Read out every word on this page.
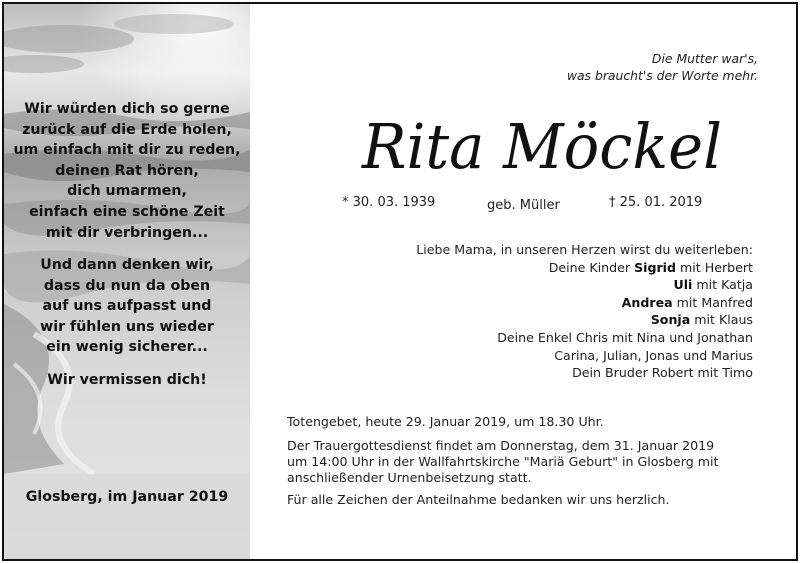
Wir würden dich so gerne
zurück auf die Erde holen,
um einfach mit dir zu reden,
deinen Rat hören,
dich umarmen,
einfach eine schöne Zeit
mit dir verbringen...
Und dann denken wir,
dass du nun da oben
auf uns aufpasst und
wir fühlen uns wieder
ein wenig sicherer...
Wir vermissen dich!
Glosberg, im Januar 2019
Die Mutter war's,
was braucht's der Worte mehr.
Rita Möckel
* 30. 03. 1939	geb. Müller	† 25. 01. 2019
Liebe Mama, in unseren Herzen wirst du weiterleben:
Deine Kinder Sigrid mit Herbert
Uli mit Katja
Andrea mit Manfred
Sonja mit Klaus
Deine Enkel Chris mit Nina und Jonathan
Carina, Julian, Jonas und Marius
Dein Bruder Robert mit Timo

Totengebet, heute 29. Januar 2019, um 18.30 Uhr.

Der Trauergottesdienst findet am Donnerstag, dem 31. Januar 2019
um 14:00 Uhr in der Wallfahrtskirche "Mariä Geburt" in Glosberg mit
anschließender Urnenbeisetzung statt.

Für alle Zeichen der Anteilnahme bedanken wir uns herzlich.
